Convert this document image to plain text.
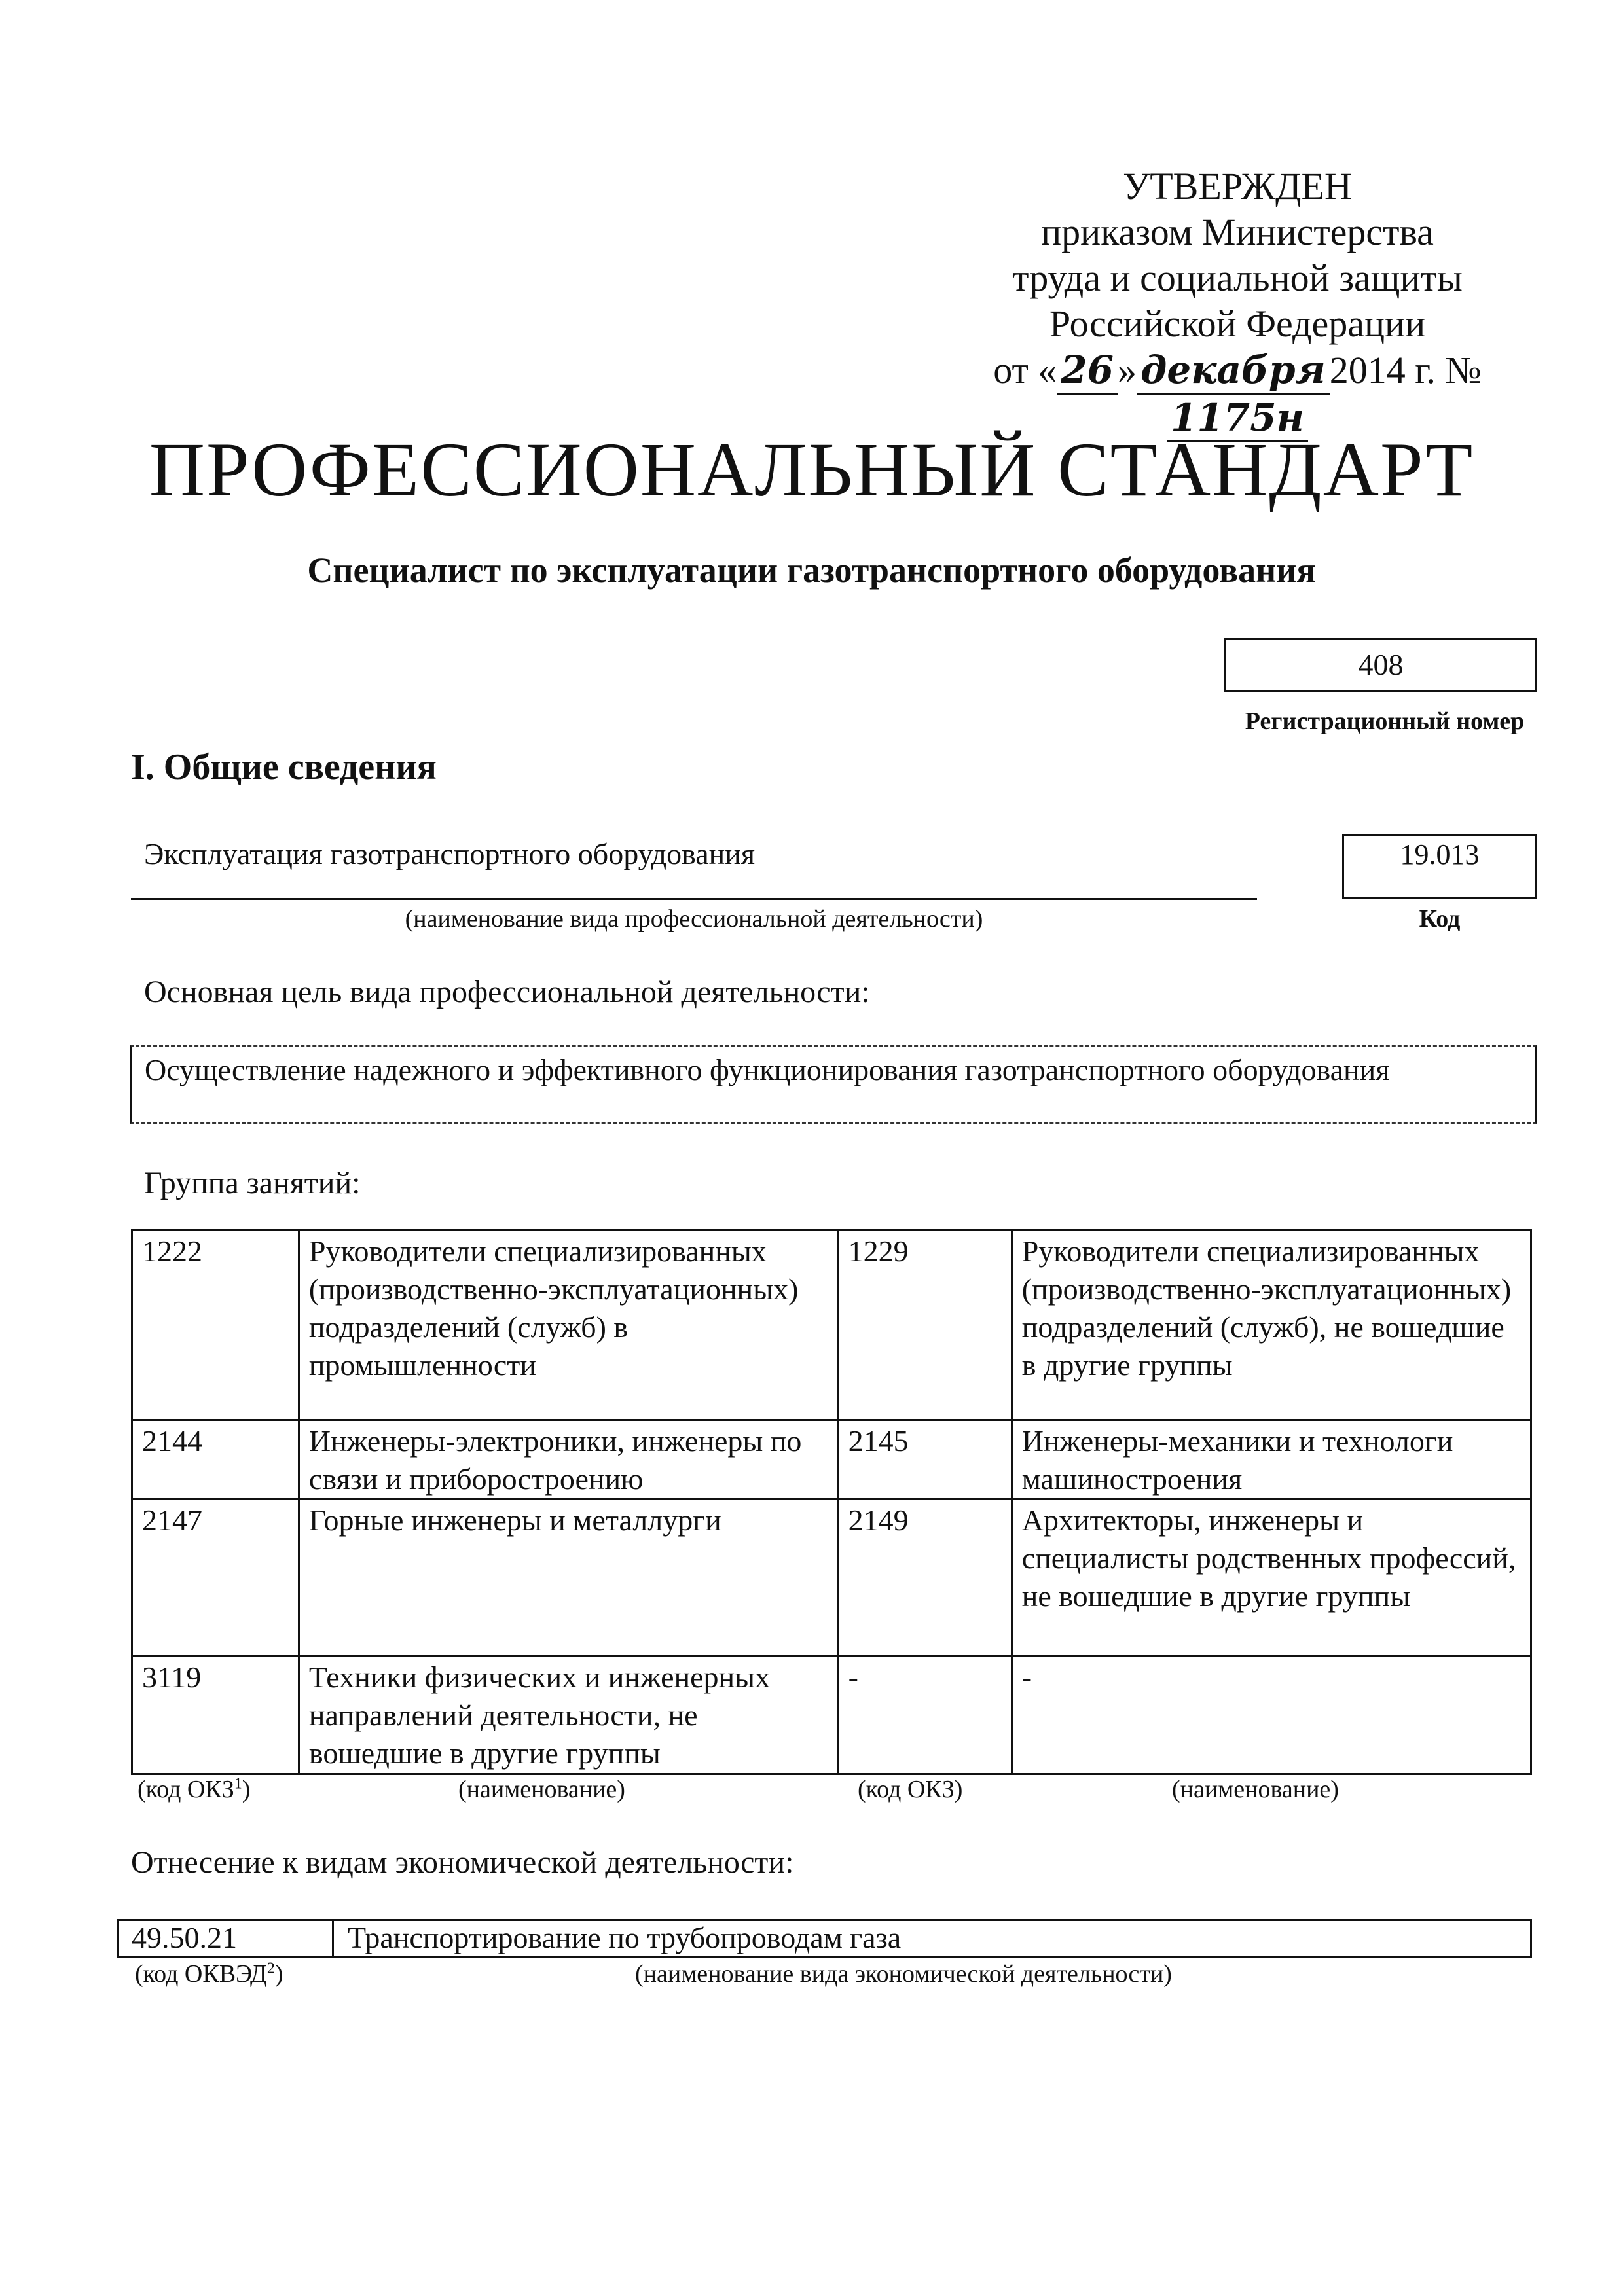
УТВЕРЖДЕН
приказом Министерства
труда и социальной защиты
Российской Федерации
от « 26 » декабря 2014 г. №1175н
ПРОФЕССИОНАЛЬНЫЙ СТАНДАРТ
Специалист по эксплуатации газотранспортного оборудования
408
Регистрационный номер
I. Общие сведения
Эксплуатация газотранспортного оборудования
(наименование вида профессиональной деятельности)
19.013
Код
Основная цель вида профессиональной деятельности:
Осуществление надежного и эффективного функционирования газотранспортного оборудования
Группа занятий:
1222	Руководители специализированных (производственно-эксплуатационных) подразделений (служб) в промышленности	1229	Руководители специализированных (производственно-эксплуатационных) подразделений (служб), не вошедшие в другие группы
2144	Инженеры-электроники, инженеры по связи и приборостроению	2145	Инженеры-механики и технологи машиностроения
2147	Горные инженеры и металлурги	2149	Архитекторы, инженеры и специалисты родственных профессий, не вошедшие в другие группы
3119	Техники физических и инженерных направлений деятельности, не вошедшие в другие группы	-	-
(код ОКЗ$^1$)	(наименование)	(код ОКЗ)	(наименование)
Отнесение к видам экономической деятельности:
49.50.21	Транспортирование по трубопроводам газа
(код ОКВЭД$^2$)	(наименование вида экономической деятельности)
